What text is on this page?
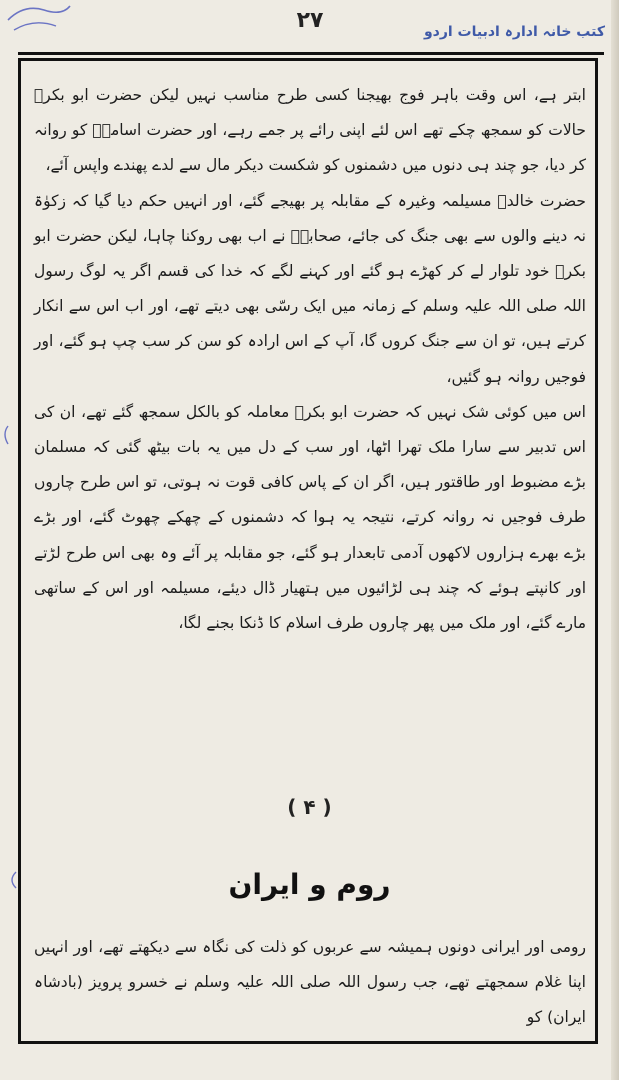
۲۷	کتب خانہ ادارہ ادبیات اردو

ابتر ہے، اس وقت باہر فوج بھیجنا کسی طرح مناسب نہیں لیکن حضرت ابو بکرؓ حالات کو سمجھ چکے تھے اس لئے اپنی رائے پر جمے رہے، اور حضرت اسامہؓ کو روانہ کر دیا، جو چند ہی دنوں میں دشمنوں کو شکست دیکر مال سے لدے پھندے واپس آئے،

حضرت خالدؓ مسیلمہ وغیرہ کے مقابلہ پر بھیجے گئے، اور انہیں حکم دیا گیا کہ زکوٰۃ نہ دینے والوں سے بھی جنگ کی جائے، صحابہؓ نے اب بھی روکنا چاہا، لیکن حضرت ابو بکرؓ خود تلوار لے کر کھڑے ہو گئے اور کہنے لگے کہ خدا کی قسم اگر یہ لوگ رسول اللہ صلی اللہ علیہ وسلم کے زمانہ میں ایک رسّی بھی دیتے تھے، اور اب اس سے انکار کرتے ہیں، تو ان سے جنگ کروں گا، آپ کے اس ارادہ کو سن کر سب چپ ہو گئے، اور فوجیں روانہ ہو گئیں،

اس میں کوئی شک نہیں کہ حضرت ابو بکرؓ معاملہ کو بالکل سمجھ گئے تھے، ان کی اس تدبیر سے سارا ملک تھرا اٹھا، اور سب کے دل میں یہ بات بیٹھ گئی کہ مسلمان بڑے مضبوط اور طاقتور ہیں، اگر ان کے پاس کافی قوت نہ ہوتی، تو اس طرح چاروں طرف فوجیں نہ روانہ کرتے، نتیجہ یہ ہوا کہ دشمنوں کے چھکے چھوٹ گئے، اور بڑے بڑے بھرے ہزاروں لاکھوں آدمی تابعدار ہو گئے، جو مقابلہ پر آئے وہ بھی اس طرح لڑتے اور کانپتے ہوئے کہ چند ہی لڑائیوں میں ہتھیار ڈال دیئے، مسیلمہ اور اس کے ساتھی مارے گئے، اور ملک میں پھر چاروں طرف اسلام کا ڈنکا بجنے لگا،

( ۴ )
روم و ایران

رومی اور ایرانی دونوں ہمیشہ سے عربوں کو ذلت کی نگاہ سے دیکھتے تھے، اور انہیں اپنا غلام سمجھتے تھے، جب رسول اللہ صلی اللہ علیہ وسلم نے خسرو پرویز (بادشاہ ایران) کو
